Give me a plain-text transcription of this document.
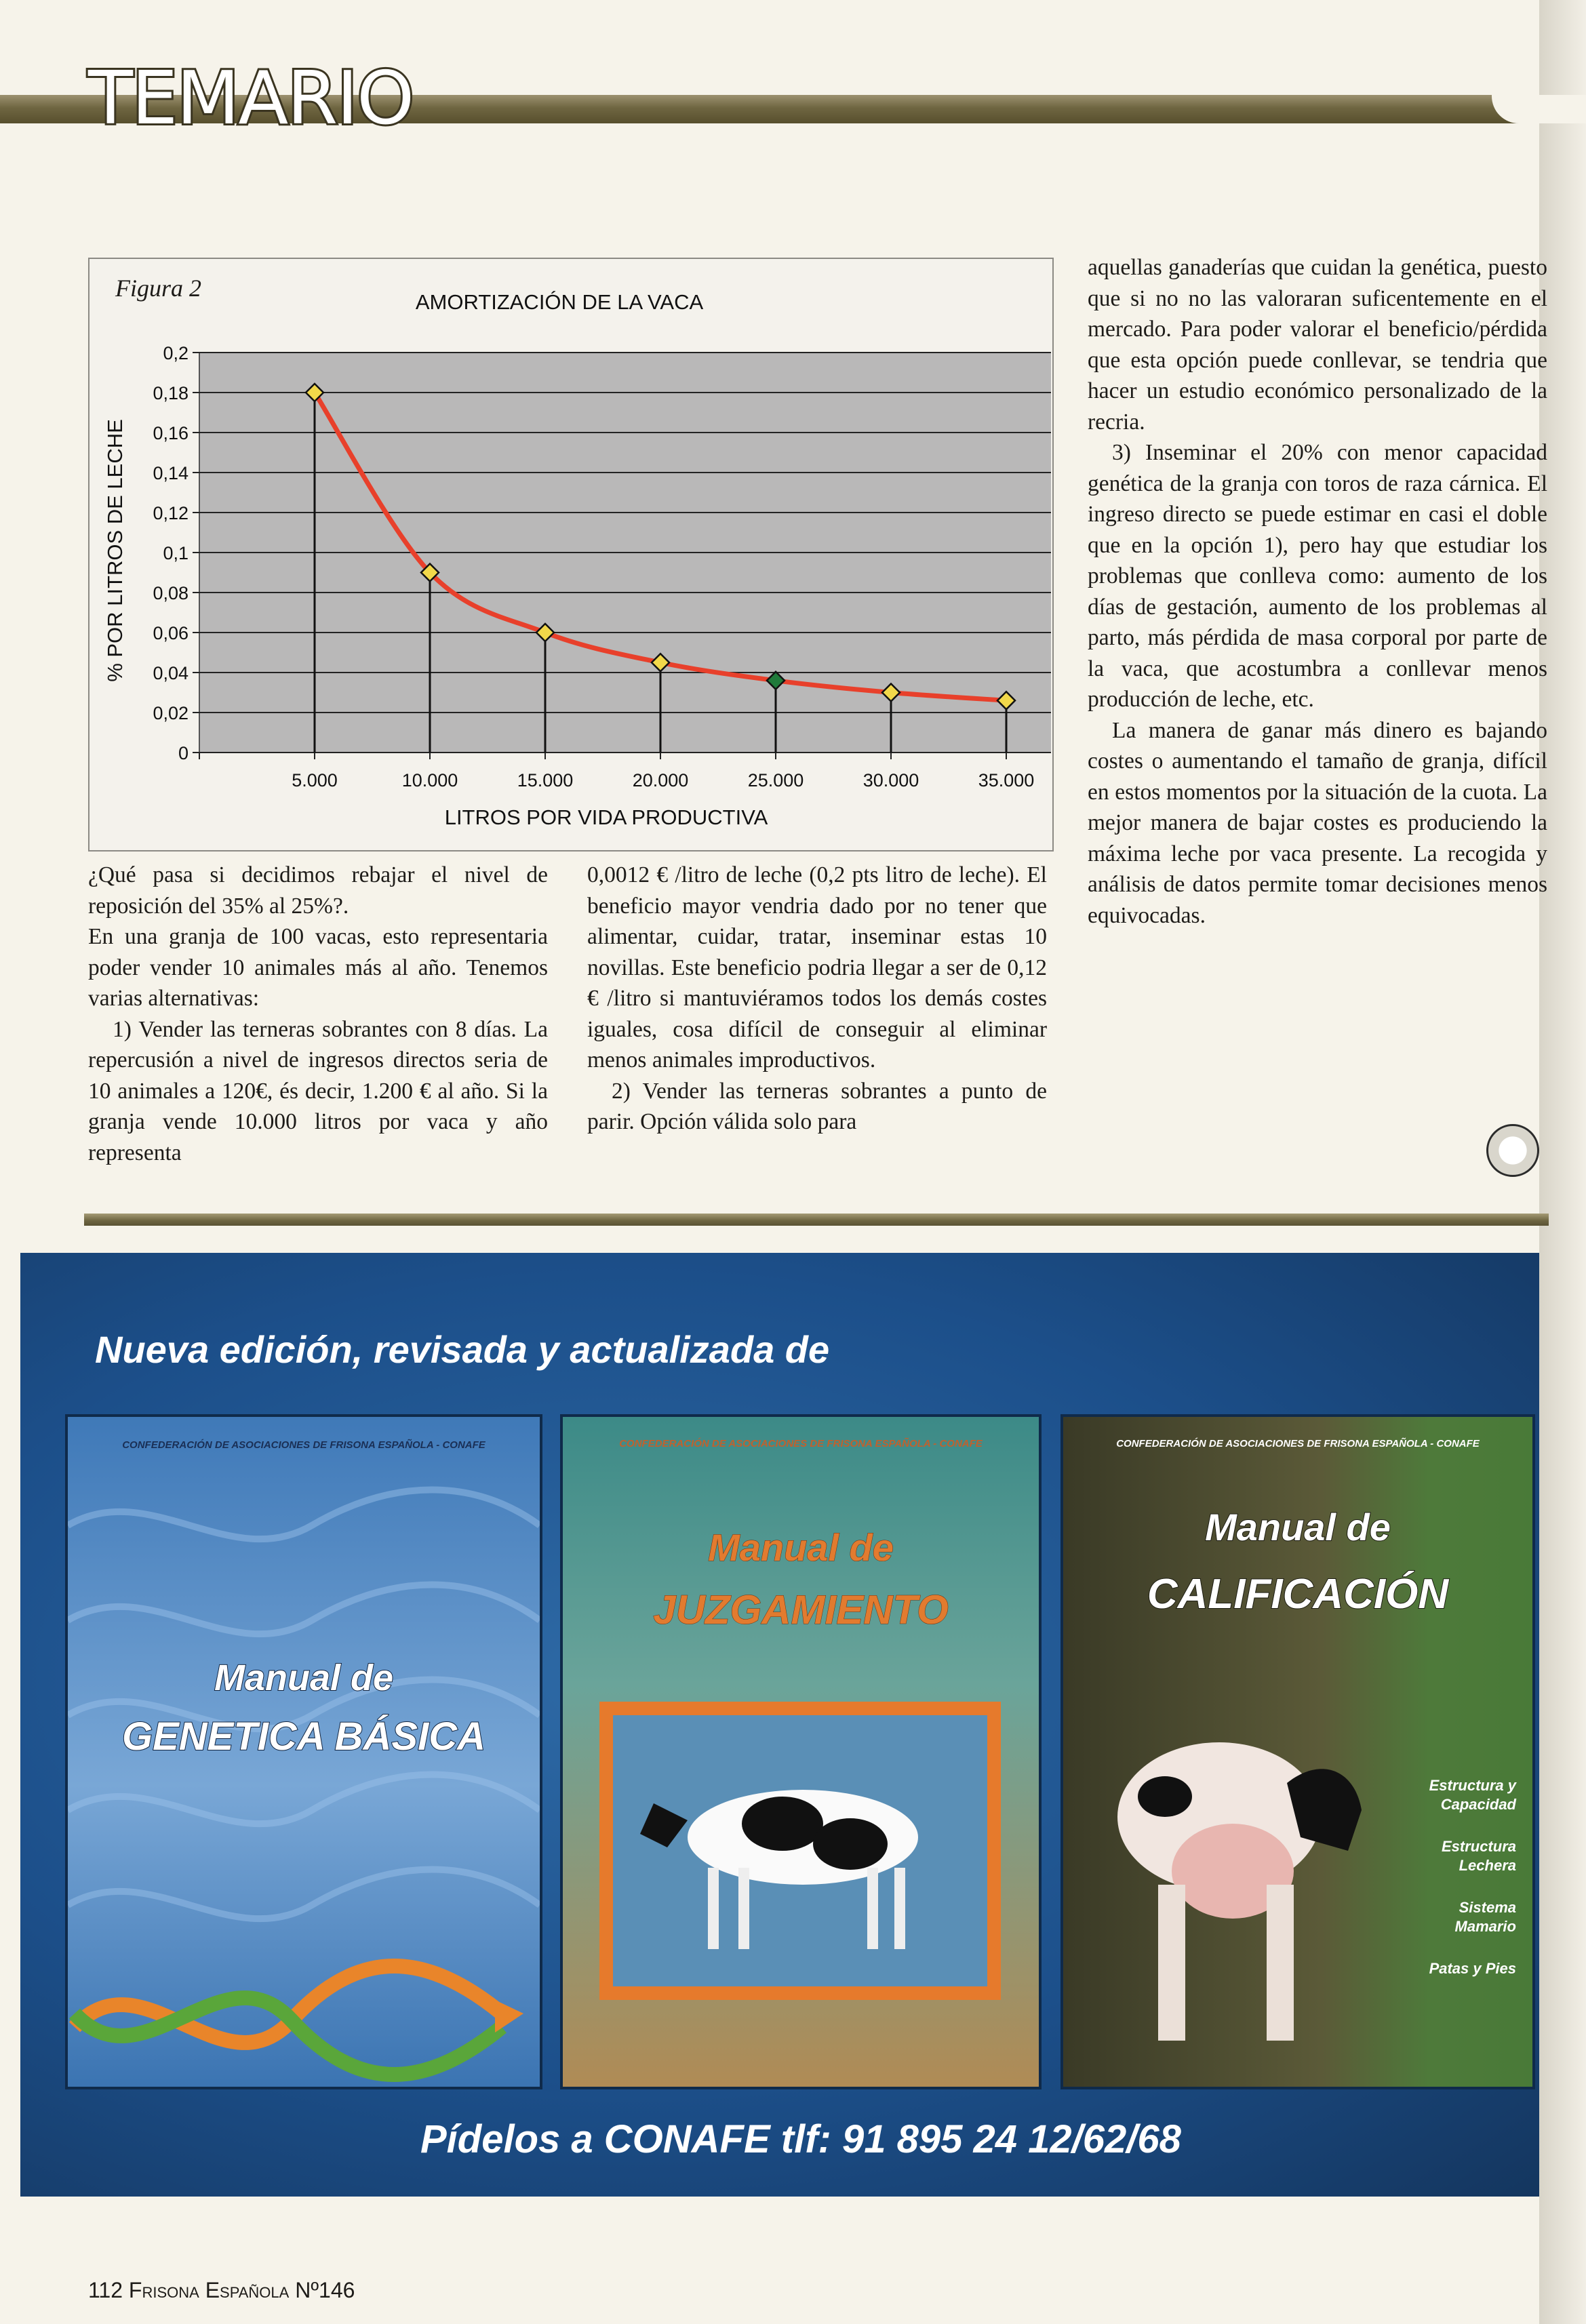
TEMARIO
Figura 2
AMORTIZACIÓN DE LA VACA
0
0,02
0,04
0,06
0,08
0,1
0,12
0,14
0,16
0,18
0,2
5.000	10.000	15.000	20.000	25.000	30.000	35.000
LITROS POR VIDA PRODUCTIVA
% POR LITROS DE LECHE

¿Qué pasa si decidimos rebajar el nivel de reposición del 35% al 25%?.

En una granja de 100 vacas, esto representaria poder vender 10 animales más al año. Tenemos varias alternativas:

1) Vender las terneras sobrantes con 8 días. La repercusión a nivel de ingresos directos seria de 10 animales a 120€, és decir, 1.200 € al año. Si la granja vende 10.000 litros por vaca y año representa

0,0012 € /litro de leche (0,2 pts litro de leche). El beneficio mayor vendria dado por no tener que alimentar, cuidar, tratar, inseminar estas 10 novillas. Este beneficio podria llegar a ser de 0,12 € /litro si mantuviéramos todos los demás costes iguales, cosa difícil de conseguir al eliminar menos animales improductivos.

2) Vender las terneras sobrantes a punto de parir. Opción válida solo para

aquellas ganaderías que cuidan la genética, puesto que si no no las valoraran suficentemente en el mercado. Para poder valorar el beneficio/pérdida que esta opción puede conllevar, se tendria que hacer un estudio económico personalizado de la recria.

3) Inseminar el 20% con menor capacidad genética de la granja con toros de raza cárnica. El ingreso directo se puede estimar en casi el doble que en la opción 1), pero hay que estudiar los problemas que conlleva como: aumento de los días de gestación, aumento de los problemas al parto, más pérdida de masa corporal por parte de la vaca, que acostumbra a conllevar menos producción de leche, etc.

La manera de ganar más dinero es bajando costes o aumentando el tamaño de granja, difícil en estos momentos por la situación de la cuota. La mejor manera de bajar costes es produciendo la máxima leche por vaca presente. La recogida y análisis de datos permite tomar decisiones menos equivocadas.

Nueva edición, revisada y actualizada de
CONFEDERACIÓN DE ASOCIACIONES DE FRISONA ESPAÑOLA - CONAFE
Manual de
GENETICA BÁSICA
CONFEDERACIÓN DE ASOCIACIONES DE FRISONA ESPAÑOLA - CONAFE
Manual de
JUZGAMIENTO
CONFEDERACIÓN DE ASOCIACIONES DE FRISONA ESPAÑOLA - CONAFE
Manual de
CALIFICACIÓN
Estructura y Capacidad
Estructura Lechera
Sistema Mamario
Patas y Pies
Pídelos a CONAFE tlf: 91 895 24 12/62/68
112 Frisona Española Nº146
